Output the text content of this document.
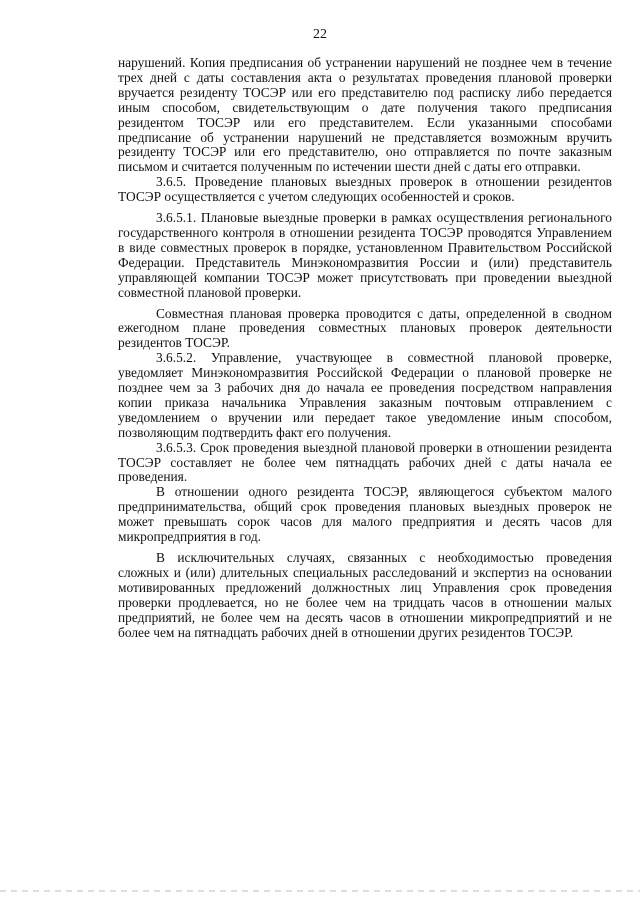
22

нарушений. Копия предписания об устранении нарушений не позднее чем в течение трех дней с даты составления акта о результатах проведения плановой проверки вручается резиденту ТОСЭР или его представителю под расписку либо передается иным способом, свидетельствующим о дате получения такого предписания резидентом ТОСЭР или его представителем. Если указанными способами предписание об устранении нарушений не представляется возможным вручить резиденту ТОСЭР или его представителю, оно отправляется по почте заказным письмом и считается полученным по истечении шести дней с даты его отправки.

3.6.5. Проведение плановых выездных проверок в отношении резидентов ТОСЭР осуществляется с учетом следующих особенностей и сроков.

3.6.5.1. Плановые выездные проверки в рамках осуществления регионального государственного контроля в отношении резидента ТОСЭР проводятся Управлением в виде совместных проверок в порядке, установленном Правительством Российской Федерации. Представитель Минэкономразвития России и (или) представитель управляющей компании ТОСЭР может присутствовать при проведении выездной совместной плановой проверки.

Совместная плановая проверка проводится с даты, определенной в сводном ежегодном плане проведения совместных плановых проверок деятельности резидентов ТОСЭР.

3.6.5.2. Управление, участвующее в совместной плановой проверке, уведомляет Минэкономразвития Российской Федерации о плановой проверке не позднее чем за 3 рабочих дня до начала ее проведения посредством направления копии приказа начальника Управления заказным почтовым отправлением с уведомлением о вручении или передает такое уведомление иным способом, позволяющим подтвердить факт его получения.

3.6.5.3. Срок проведения выездной плановой проверки в отношении резидента ТОСЭР составляет не более чем пятнадцать рабочих дней с даты начала ее проведения.

В отношении одного резидента ТОСЭР, являющегося субъектом малого предпринимательства, общий срок проведения плановых выездных проверок не может превышать сорок часов для малого предприятия и десять часов для микропредприятия в год.

В исключительных случаях, связанных с необходимостью проведения сложных и (или) длительных специальных расследований и экспертиз на основании мотивированных предложений должностных лиц Управления срок проведения проверки продлевается, но не более чем на тридцать часов в отношении малых предприятий, не более чем на десять часов в отношении микропредприятий и не более чем на пятнадцать рабочих дней в отношении других резидентов ТОСЭР.
